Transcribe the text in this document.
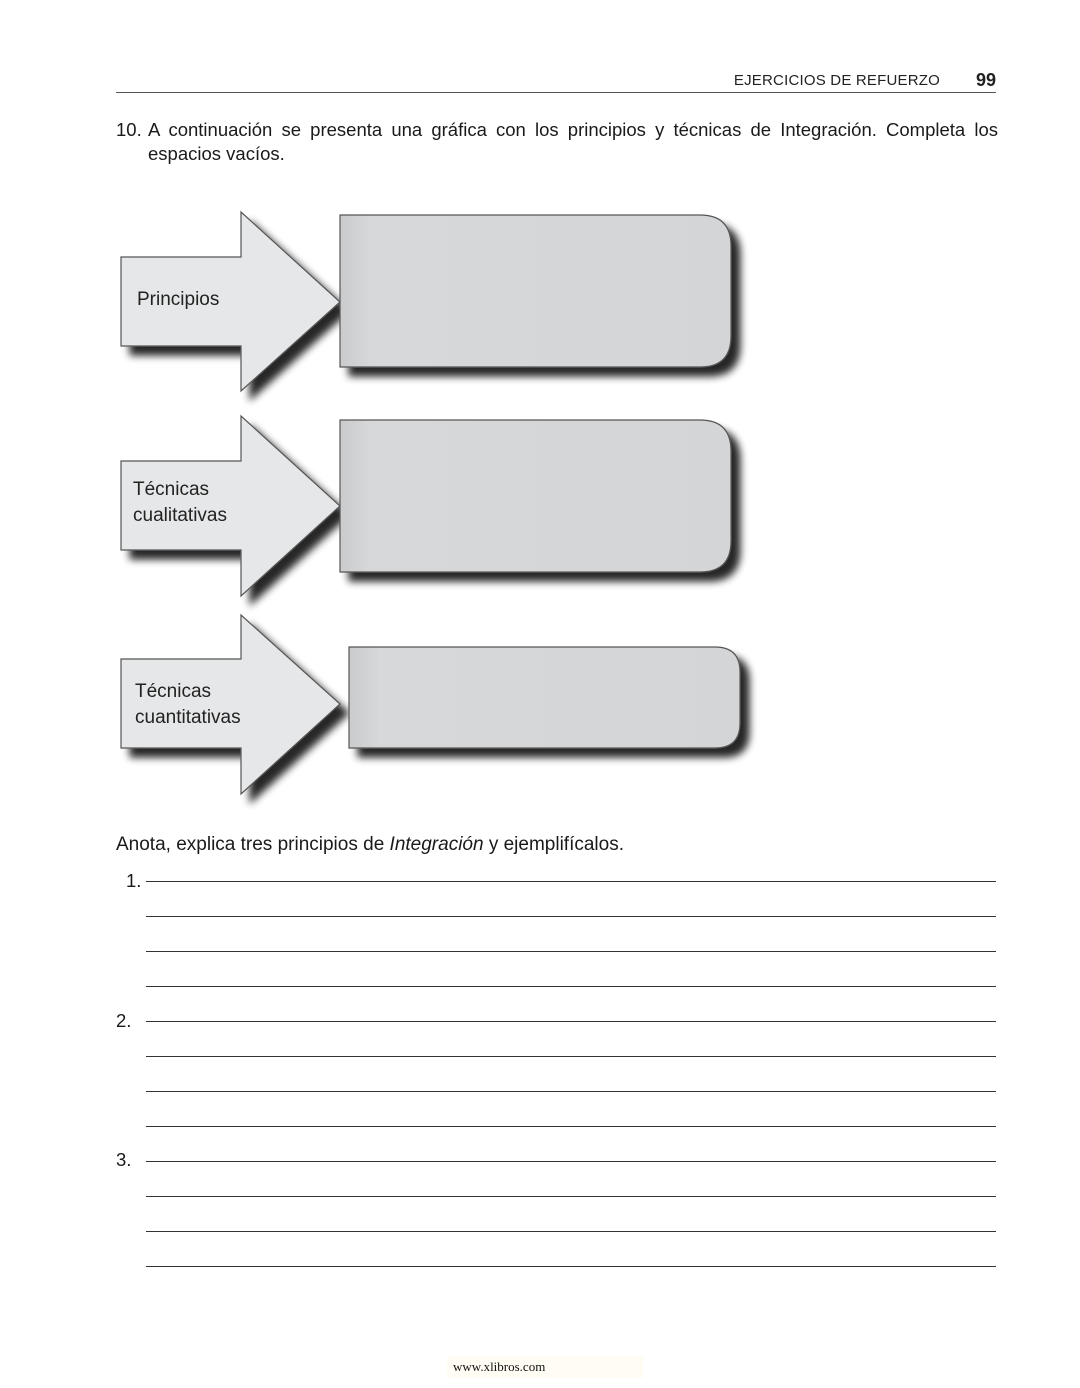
EJERCICIOS DE REFUERZO 99
10. A continuación se presenta una gráfica con los principios y técnicas de Integración. Completa los espacios vacíos.
Principios
Técnicas
cualitativas
Técnicas
cuantitativas
Anota, explica tres principios de Integración y ejemplifícalos.
1.
2.
3.
www.xlibros.com
